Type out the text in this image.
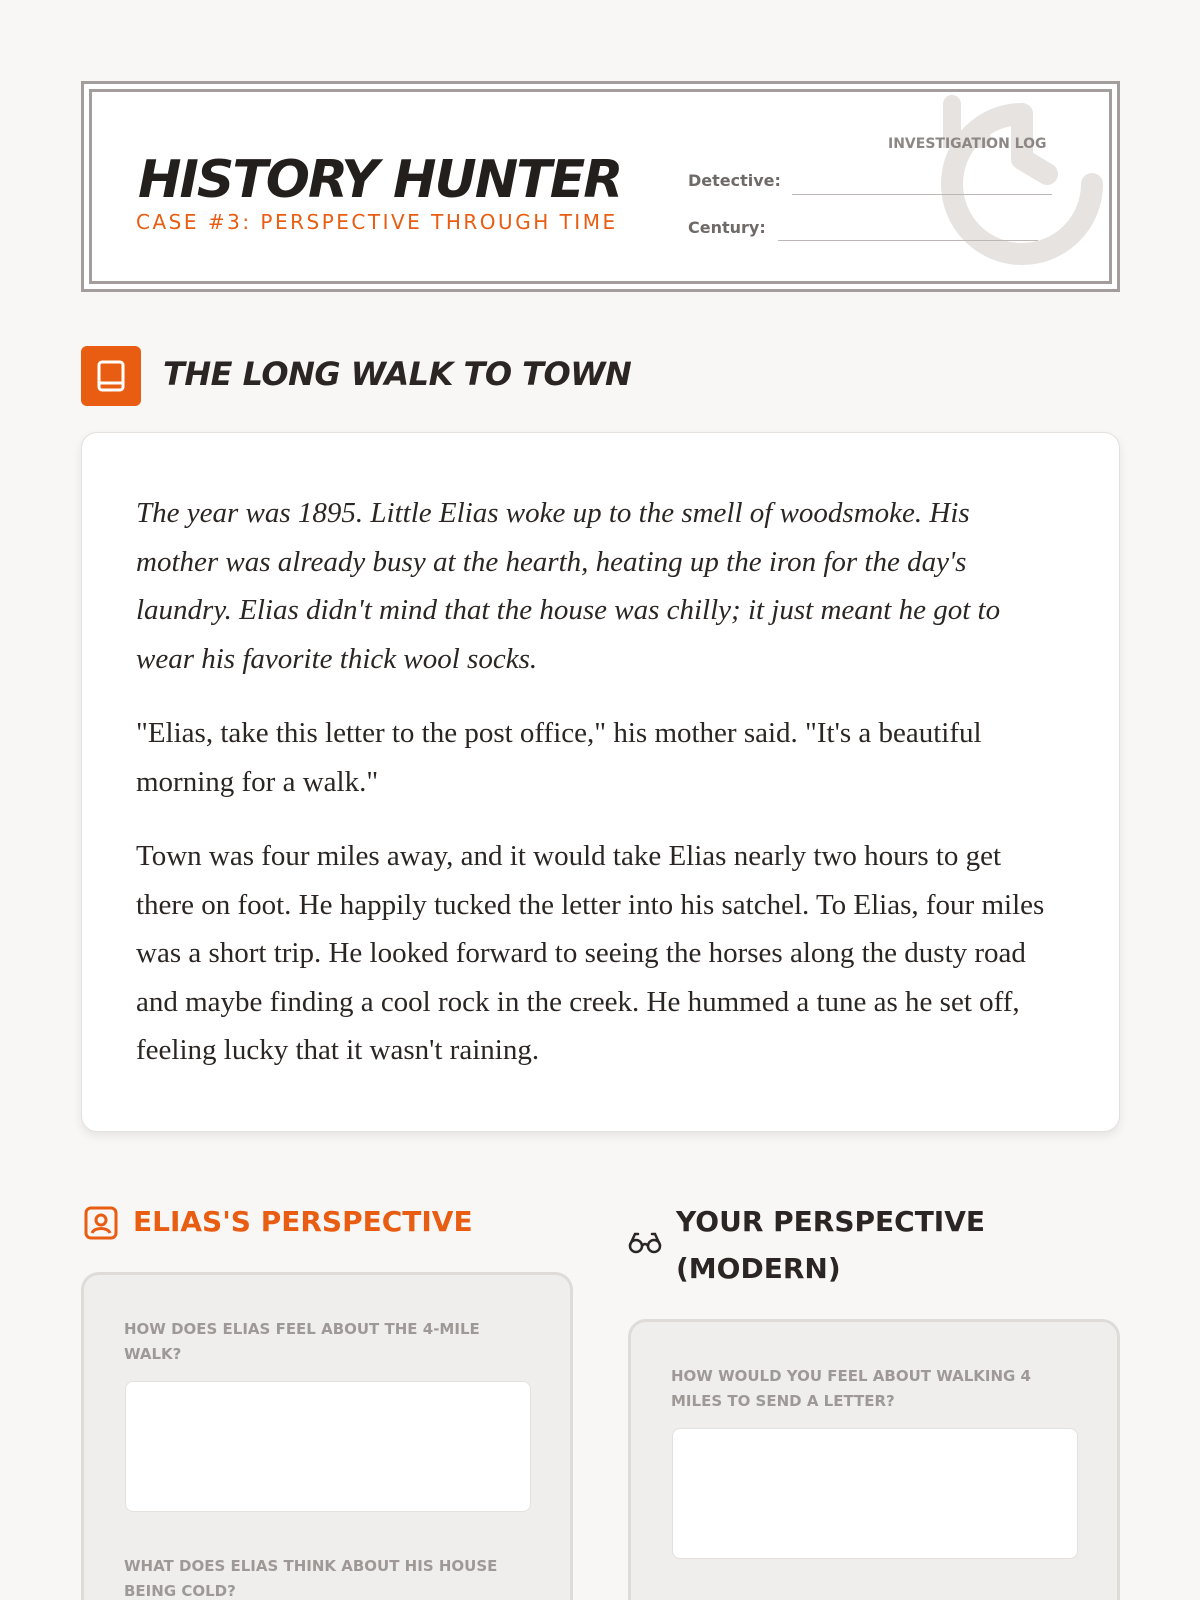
HISTORY HUNTER
CASE #3: PERSPECTIVE THROUGH TIME
INVESTIGATION LOG
Detective:
Century:
THE LONG WALK TO TOWN

The year was 1895. Little Elias woke up to the smell of woodsmoke. His mother was already busy at the hearth, heating up the iron for the day's laundry. Elias didn't mind that the house was chilly; it just meant he got to wear his favorite thick wool socks.

"Elias, take this letter to the post office," his mother said. "It's a beautiful morning for a walk."

Town was four miles away, and it would take Elias nearly two hours to get there on foot. He happily tucked the letter into his satchel. To Elias, four miles was a short trip. He looked forward to seeing the horses along the dusty road and maybe finding a cool rock in the creek. He hummed a tune as he set off, feeling lucky that it wasn't raining.

ELIAS'S PERSPECTIVE
HOW DOES ELIAS FEEL ABOUT THE 4-MILE WALK?
WHAT DOES ELIAS THINK ABOUT HIS HOUSE BEING COLD?
YOUR PERSPECTIVE
(MODERN)
HOW WOULD YOU FEEL ABOUT WALKING 4 MILES TO SEND A LETTER?
